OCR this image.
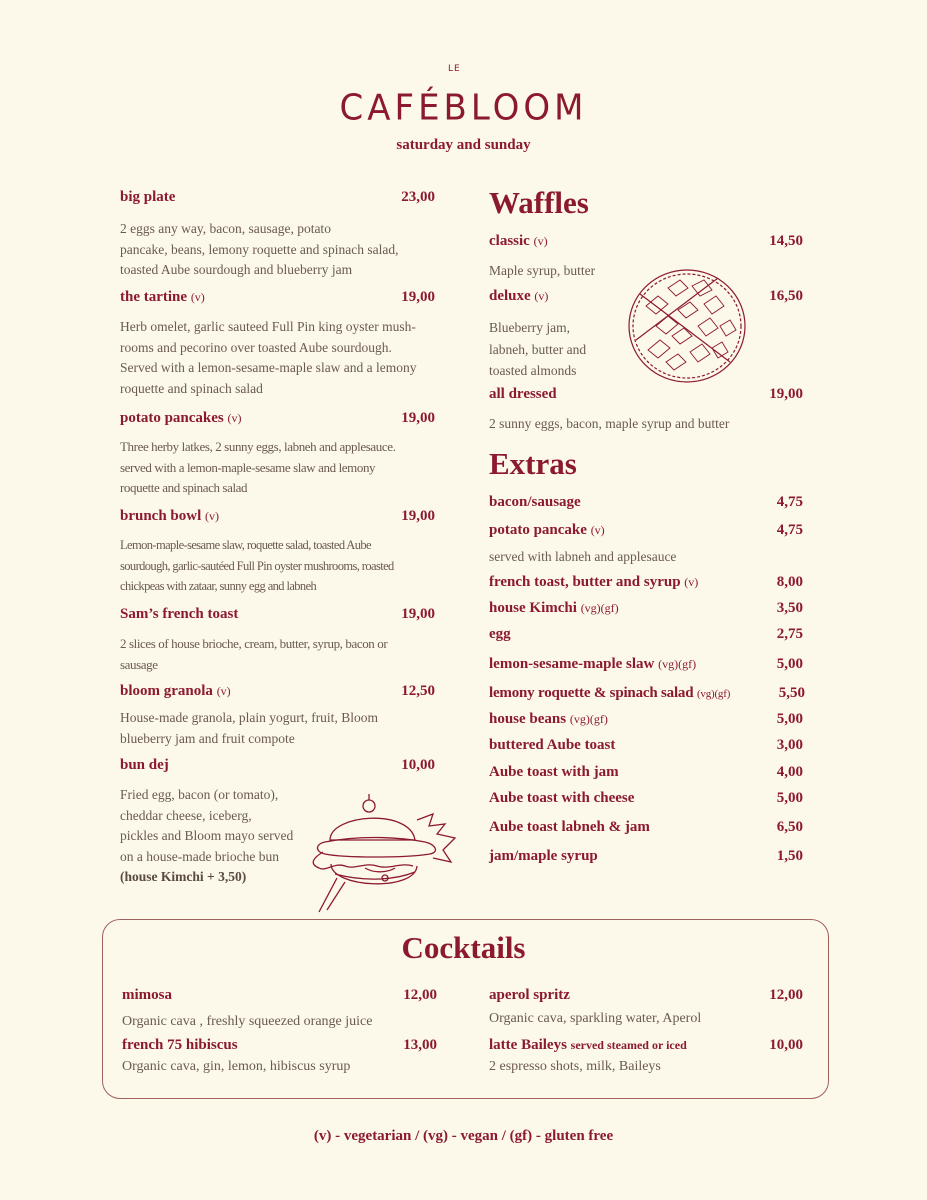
LE
CAFÉBLOOM
saturday and sunday
big plate	23,00
2 eggs any way, bacon, sausage, potato
pancake, beans, lemony roquette and spinach salad,
toasted Aube sourdough and blueberry jam
the tartine (v)	19,00
Herb omelet, garlic sauteed Full Pin king oyster mush-
rooms and pecorino over toasted Aube sourdough.
Served with a lemon-sesame-maple slaw and a lemony
roquette and spinach salad
potato pancakes (v)	19,00
Three herby latkes, 2 sunny eggs, labneh and applesauce.
served with a lemon-maple-sesame slaw and lemony
roquette and spinach salad
brunch bowl (v)	19,00
Lemon-maple-sesame slaw, roquette salad, toasted Aube
sourdough, garlic-sautéed Full Pin oyster mushrooms, roasted
chickpeas with zataar, sunny egg and labneh
Sam’s french toast	19,00
2 slices of house brioche, cream, butter, syrup, bacon or
sausage
bloom granola (v)	12,50
House-made granola, plain yogurt, fruit, Bloom
blueberry jam and fruit compote
bun dej	10,00
Fried egg, bacon (or tomato),
cheddar cheese, iceberg,
pickles and Bloom mayo served
on a house-made brioche bun
(house Kimchi + 3,50)
Waffles
classic (v)	14,50
Maple syrup, butter
deluxe (v)	16,50
Blueberry jam,
labneh, butter and
toasted almonds
all dressed	19,00
2 sunny eggs, bacon, maple syrup and butter
Extras
bacon/sausage	4,75
potato pancake (v)	4,75
served with labneh and applesauce
french toast, butter and syrup (v)	8,00
house Kimchi (vg)(gf)	3,50
egg	2,75
lemon-sesame-maple slaw (vg)(gf)	5,00
lemony roquette & spinach salad (vg)(gf)	5,50
house beans (vg)(gf)	5,00
buttered Aube toast	3,00
Aube toast with jam	4,00
Aube toast with cheese	5,00
Aube toast labneh & jam	6,50
jam/maple syrup	1,50
Cocktails
mimosa	12,00
Organic cava , freshly squeezed orange juice
french 75 hibiscus	13,00
Organic cava, gin, lemon, hibiscus syrup
aperol spritz	12,00
Organic cava, sparkling water, Aperol
latte Baileys served steamed or iced	10,00
2 espresso shots, milk, Baileys
(v) - vegetarian / (vg) - vegan / (gf) - gluten free
